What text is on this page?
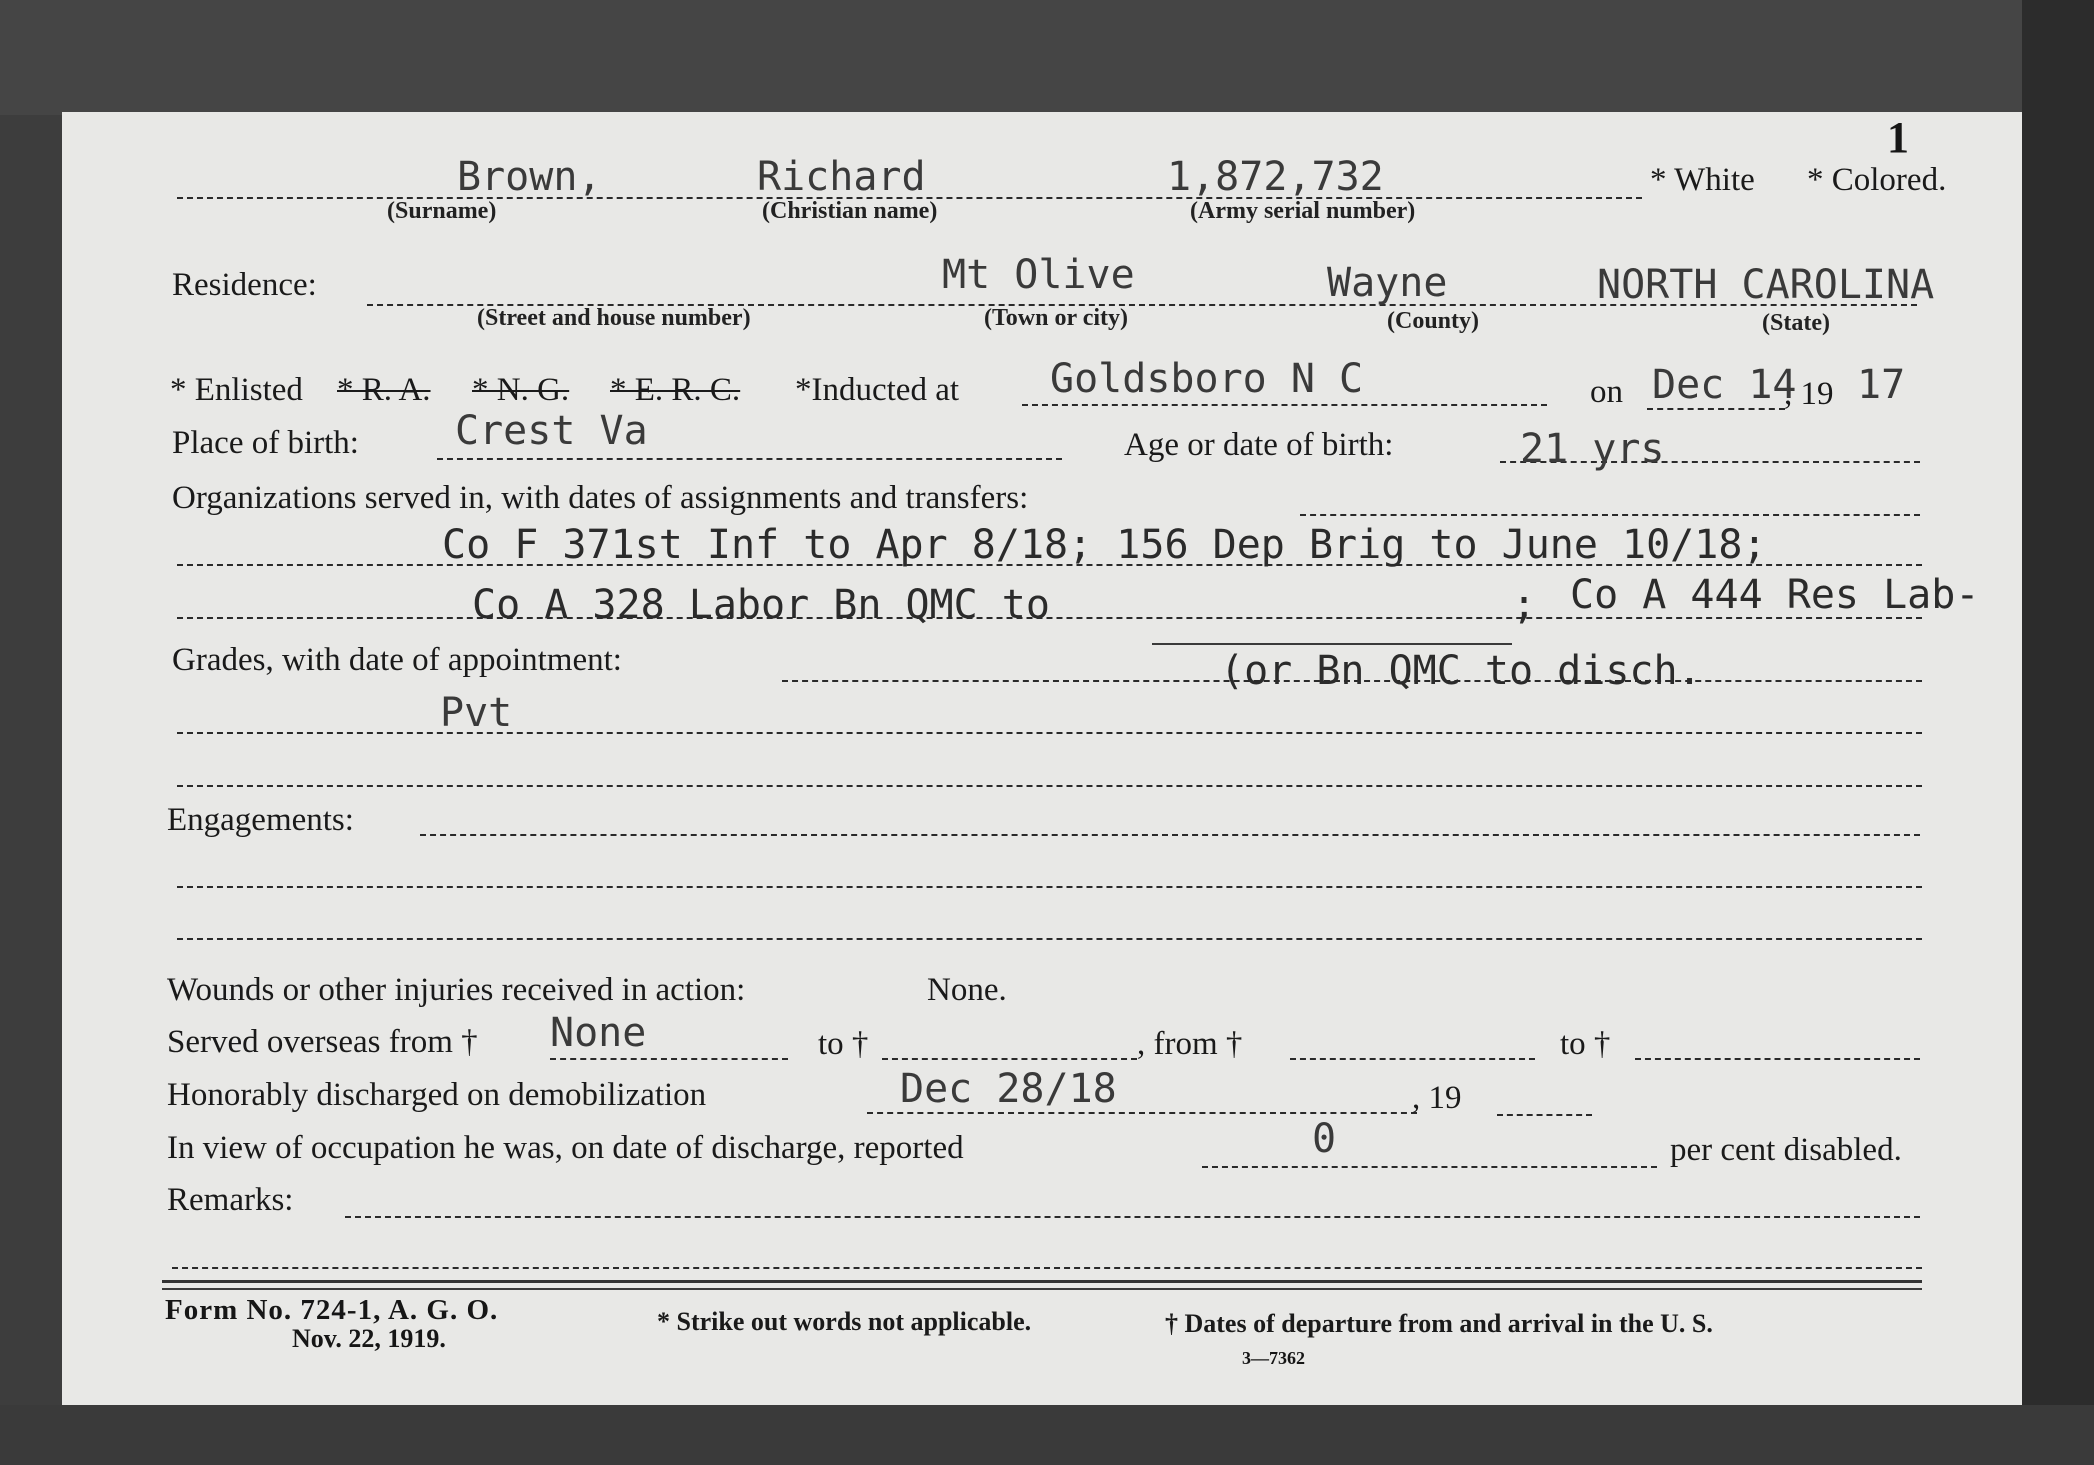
1
Brown,	Richard	1,872,732	* White * Colored.
(Surname)	(Christian name)	(Army serial number)
Residence:	Mt Olive	Wayne	NORTH CAROLINA
(Street and house number)	(Town or city)	(County)	(State)
* Enlisted * R. A. * N. G. * E. R. C. *Inducted at Goldsboro N C	on Dec 14
, 19 17
Place of birth: Crest Va	Age or date of birth:	21 yrs
Organizations served in, with dates of assignments and transfers:
Co F 371st Inf to Apr 8/18; 156 Dep Brig to June 10/18;
Co A 328 Labor Bn QMC to	; Co A 444 Res Lab-
Grades, with date of appointment:	(or Bn QMC to disch.
Pvt
Engagements:
Wounds or other injuries received in action:	None.
Served overseas from † None	to †	, from †	to †
Honorably discharged on demobilization	Dec 28/18	, 19
In view of occupation he was, on date of discharge, reported	0	per cent disabled.
Remarks:
Form No. 724-1, A. G. O.
Nov. 22, 1919.
* Strike out words not applicable.	† Dates of departure from and arrival in the U. S.
3—7362
